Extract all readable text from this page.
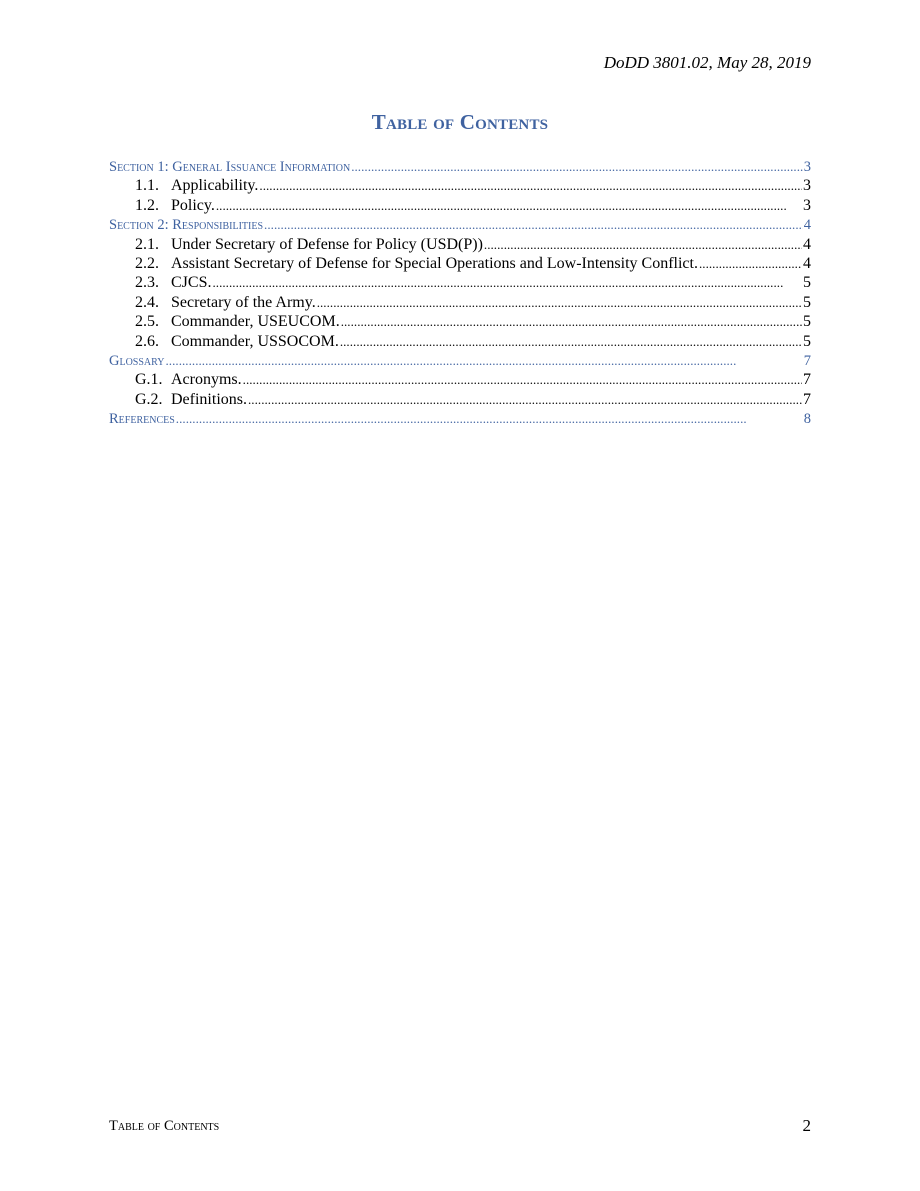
DoDD 3801.02, May 28, 2019
Table of Contents
Section 1: General Issuance Information . . .	3
1.1. Applicability. . . .	3
1.2. Policy. . . .	3
Section 2: Responsibilities . . .	4
2.1. Under Secretary of Defense for Policy (USD(P)) . . .	4
2.2. Assistant Secretary of Defense for Special Operations and Low-Intensity Conflict. . . .	4
2.3. CJCS. . . .	5
2.4. Secretary of the Army. . . .	5
2.5. Commander, USEUCOM. . . .	5
2.6. Commander, USSOCOM. . . .	5
Glossary . . .	7
G.1. Acronyms. . . .	7
G.2. Definitions. . . .	7
References . . .	8
Table of Contents	2
